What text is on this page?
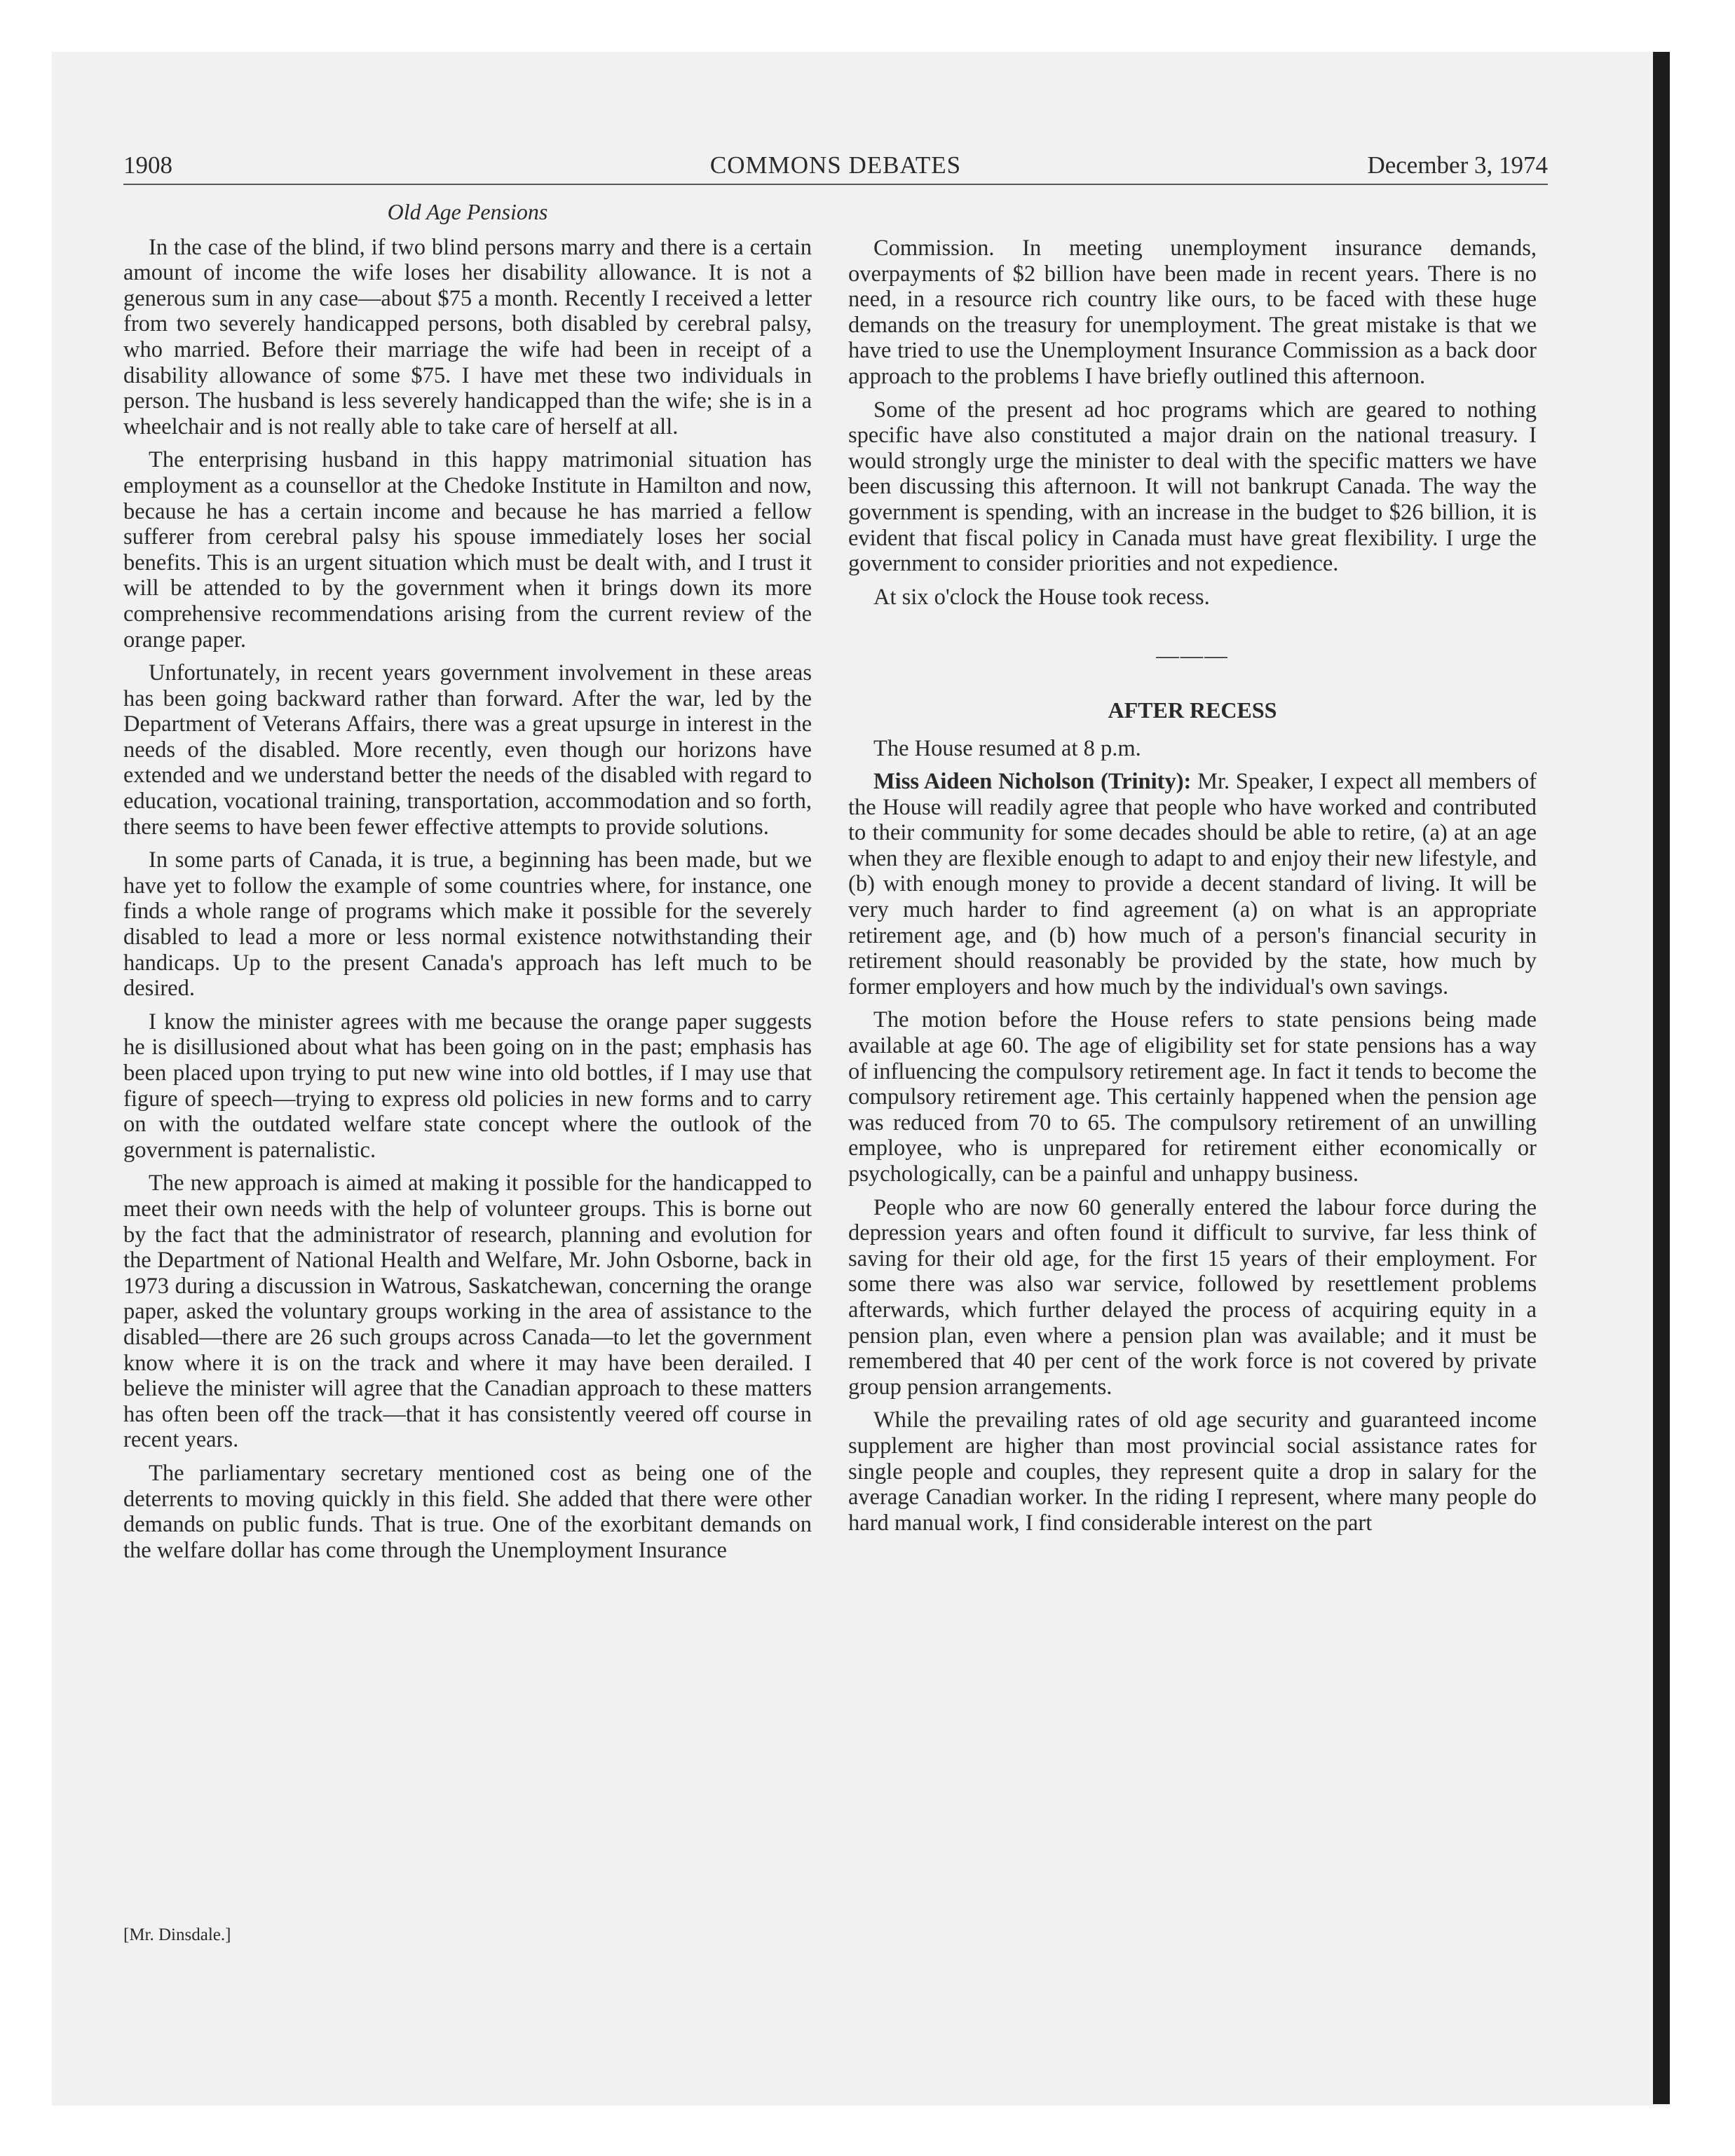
1908	COMMONS DEBATES	December 3, 1974
Old Age Pensions

In the case of the blind, if two blind persons marry and there is a certain amount of income the wife loses her disability allowance. It is not a generous sum in any case—about $75 a month. Recently I received a letter from two severely handicapped persons, both disabled by cerebral palsy, who married. Before their marriage the wife had been in receipt of a disability allowance of some $75. I have met these two individuals in person. The husband is less severely handicapped than the wife; she is in a wheelchair and is not really able to take care of herself at all.

The enterprising husband in this happy matrimonial situation has employment as a counsellor at the Chedoke Institute in Hamilton and now, because he has a certain income and because he has married a fellow sufferer from cerebral palsy his spouse immediately loses her social benefits. This is an urgent situation which must be dealt with, and I trust it will be attended to by the government when it brings down its more comprehensive recommendations arising from the current review of the orange paper.

Unfortunately, in recent years government involvement in these areas has been going backward rather than forward. After the war, led by the Department of Veterans Affairs, there was a great upsurge in interest in the needs of the disabled. More recently, even though our horizons have extended and we understand better the needs of the disabled with regard to education, vocational training, transportation, accommodation and so forth, there seems to have been fewer effective attempts to provide solutions.

In some parts of Canada, it is true, a beginning has been made, but we have yet to follow the example of some countries where, for instance, one finds a whole range of programs which make it possible for the severely disabled to lead a more or less normal existence notwithstanding their handicaps. Up to the present Canada's approach has left much to be desired.

I know the minister agrees with me because the orange paper suggests he is disillusioned about what has been going on in the past; emphasis has been placed upon trying to put new wine into old bottles, if I may use that figure of speech—trying to express old policies in new forms and to carry on with the outdated welfare state concept where the outlook of the government is paternalistic.

The new approach is aimed at making it possible for the handicapped to meet their own needs with the help of volunteer groups. This is borne out by the fact that the administrator of research, planning and evolution for the Department of National Health and Welfare, Mr. John Osborne, back in 1973 during a discussion in Watrous, Saskatchewan, concerning the orange paper, asked the voluntary groups working in the area of assistance to the disabled—there are 26 such groups across Canada—to let the government know where it is on the track and where it may have been derailed. I believe the minister will agree that the Canadian approach to these matters has often been off the track—that it has consistently veered off course in recent years.

The parliamentary secretary mentioned cost as being one of the deterrents to moving quickly in this field. She added that there were other demands on public funds. That is true. One of the exorbitant demands on the welfare dollar has come through the Unemployment Insurance

[Mr. Dinsdale.]

Commission. In meeting unemployment insurance demands, overpayments of $2 billion have been made in recent years. There is no need, in a resource rich country like ours, to be faced with these huge demands on the treasury for unemployment. The great mistake is that we have tried to use the Unemployment Insurance Commission as a back door approach to the problems I have briefly outlined this afternoon.

Some of the present ad hoc programs which are geared to nothing specific have also constituted a major drain on the national treasury. I would strongly urge the minister to deal with the specific matters we have been discussing this afternoon. It will not bankrupt Canada. The way the government is spending, with an increase in the budget to $26 billion, it is evident that fiscal policy in Canada must have great flexibility. I urge the government to consider priorities and not expedience.

At six o'clock the House took recess.

———
AFTER RECESS

The House resumed at 8 p.m.

Miss Aideen Nicholson (Trinity): Mr. Speaker, I expect all members of the House will readily agree that people who have worked and contributed to their community for some decades should be able to retire, (a) at an age when they are flexible enough to adapt to and enjoy their new lifestyle, and (b) with enough money to provide a decent standard of living. It will be very much harder to find agreement (a) on what is an appropriate retirement age, and (b) how much of a person's financial security in retirement should reasonably be provided by the state, how much by former employers and how much by the individual's own savings.

The motion before the House refers to state pensions being made available at age 60. The age of eligibility set for state pensions has a way of influencing the compulsory retirement age. In fact it tends to become the compulsory retirement age. This certainly happened when the pension age was reduced from 70 to 65. The compulsory retirement of an unwilling employee, who is unprepared for retirement either economically or psychologically, can be a painful and unhappy business.

People who are now 60 generally entered the labour force during the depression years and often found it difficult to survive, far less think of saving for their old age, for the first 15 years of their employment. For some there was also war service, followed by resettlement problems afterwards, which further delayed the process of acquiring equity in a pension plan, even where a pension plan was available; and it must be remembered that 40 per cent of the work force is not covered by private group pension arrangements.

While the prevailing rates of old age security and guaranteed income supplement are higher than most provincial social assistance rates for single people and couples, they represent quite a drop in salary for the average Canadian worker. In the riding I represent, where many people do hard manual work, I find considerable interest on the part
